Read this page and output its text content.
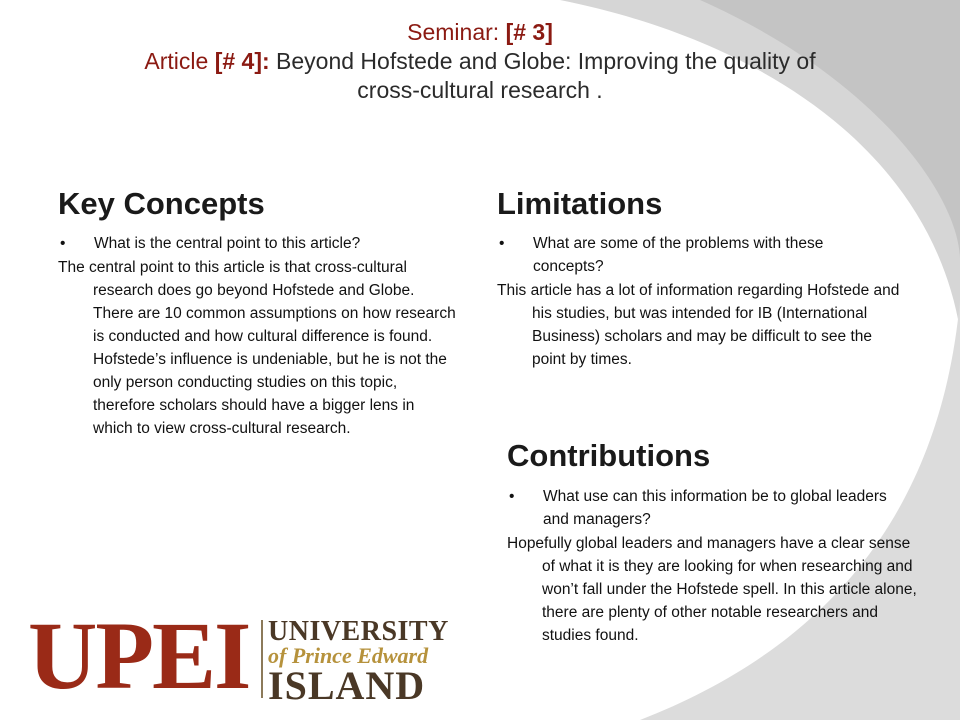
Seminar: [# 3]
Article [# 4]: Beyond Hofstede and Globe: Improving the quality of
cross-cultural research .
Key Concepts
• What is the central point to this article?
The central point to this article is that cross-cultural research does go beyond Hofstede and Globe. There are 10 common assumptions on how research is conducted and how cultural difference is found. Hofstede’s influence is undeniable, but he is not the only person conducting studies on this topic, therefore scholars should have a bigger lens in which to view cross-cultural research.
Limitations
• What are some of the problems with these concepts?
This article has a lot of information regarding Hofstede and his studies, but was intended for IB (International Business) scholars and may be difficult to see the point by times.
Contributions
• What use can this information be to global leaders and managers?
Hopefully global leaders and managers have a clear sense of what it is they are looking for when researching and won’t fall under the Hofstede spell. In this article alone, there are plenty of other notable researchers and studies found.
UPEI UNIVERSITY
of Prince Edward
ISLAND
